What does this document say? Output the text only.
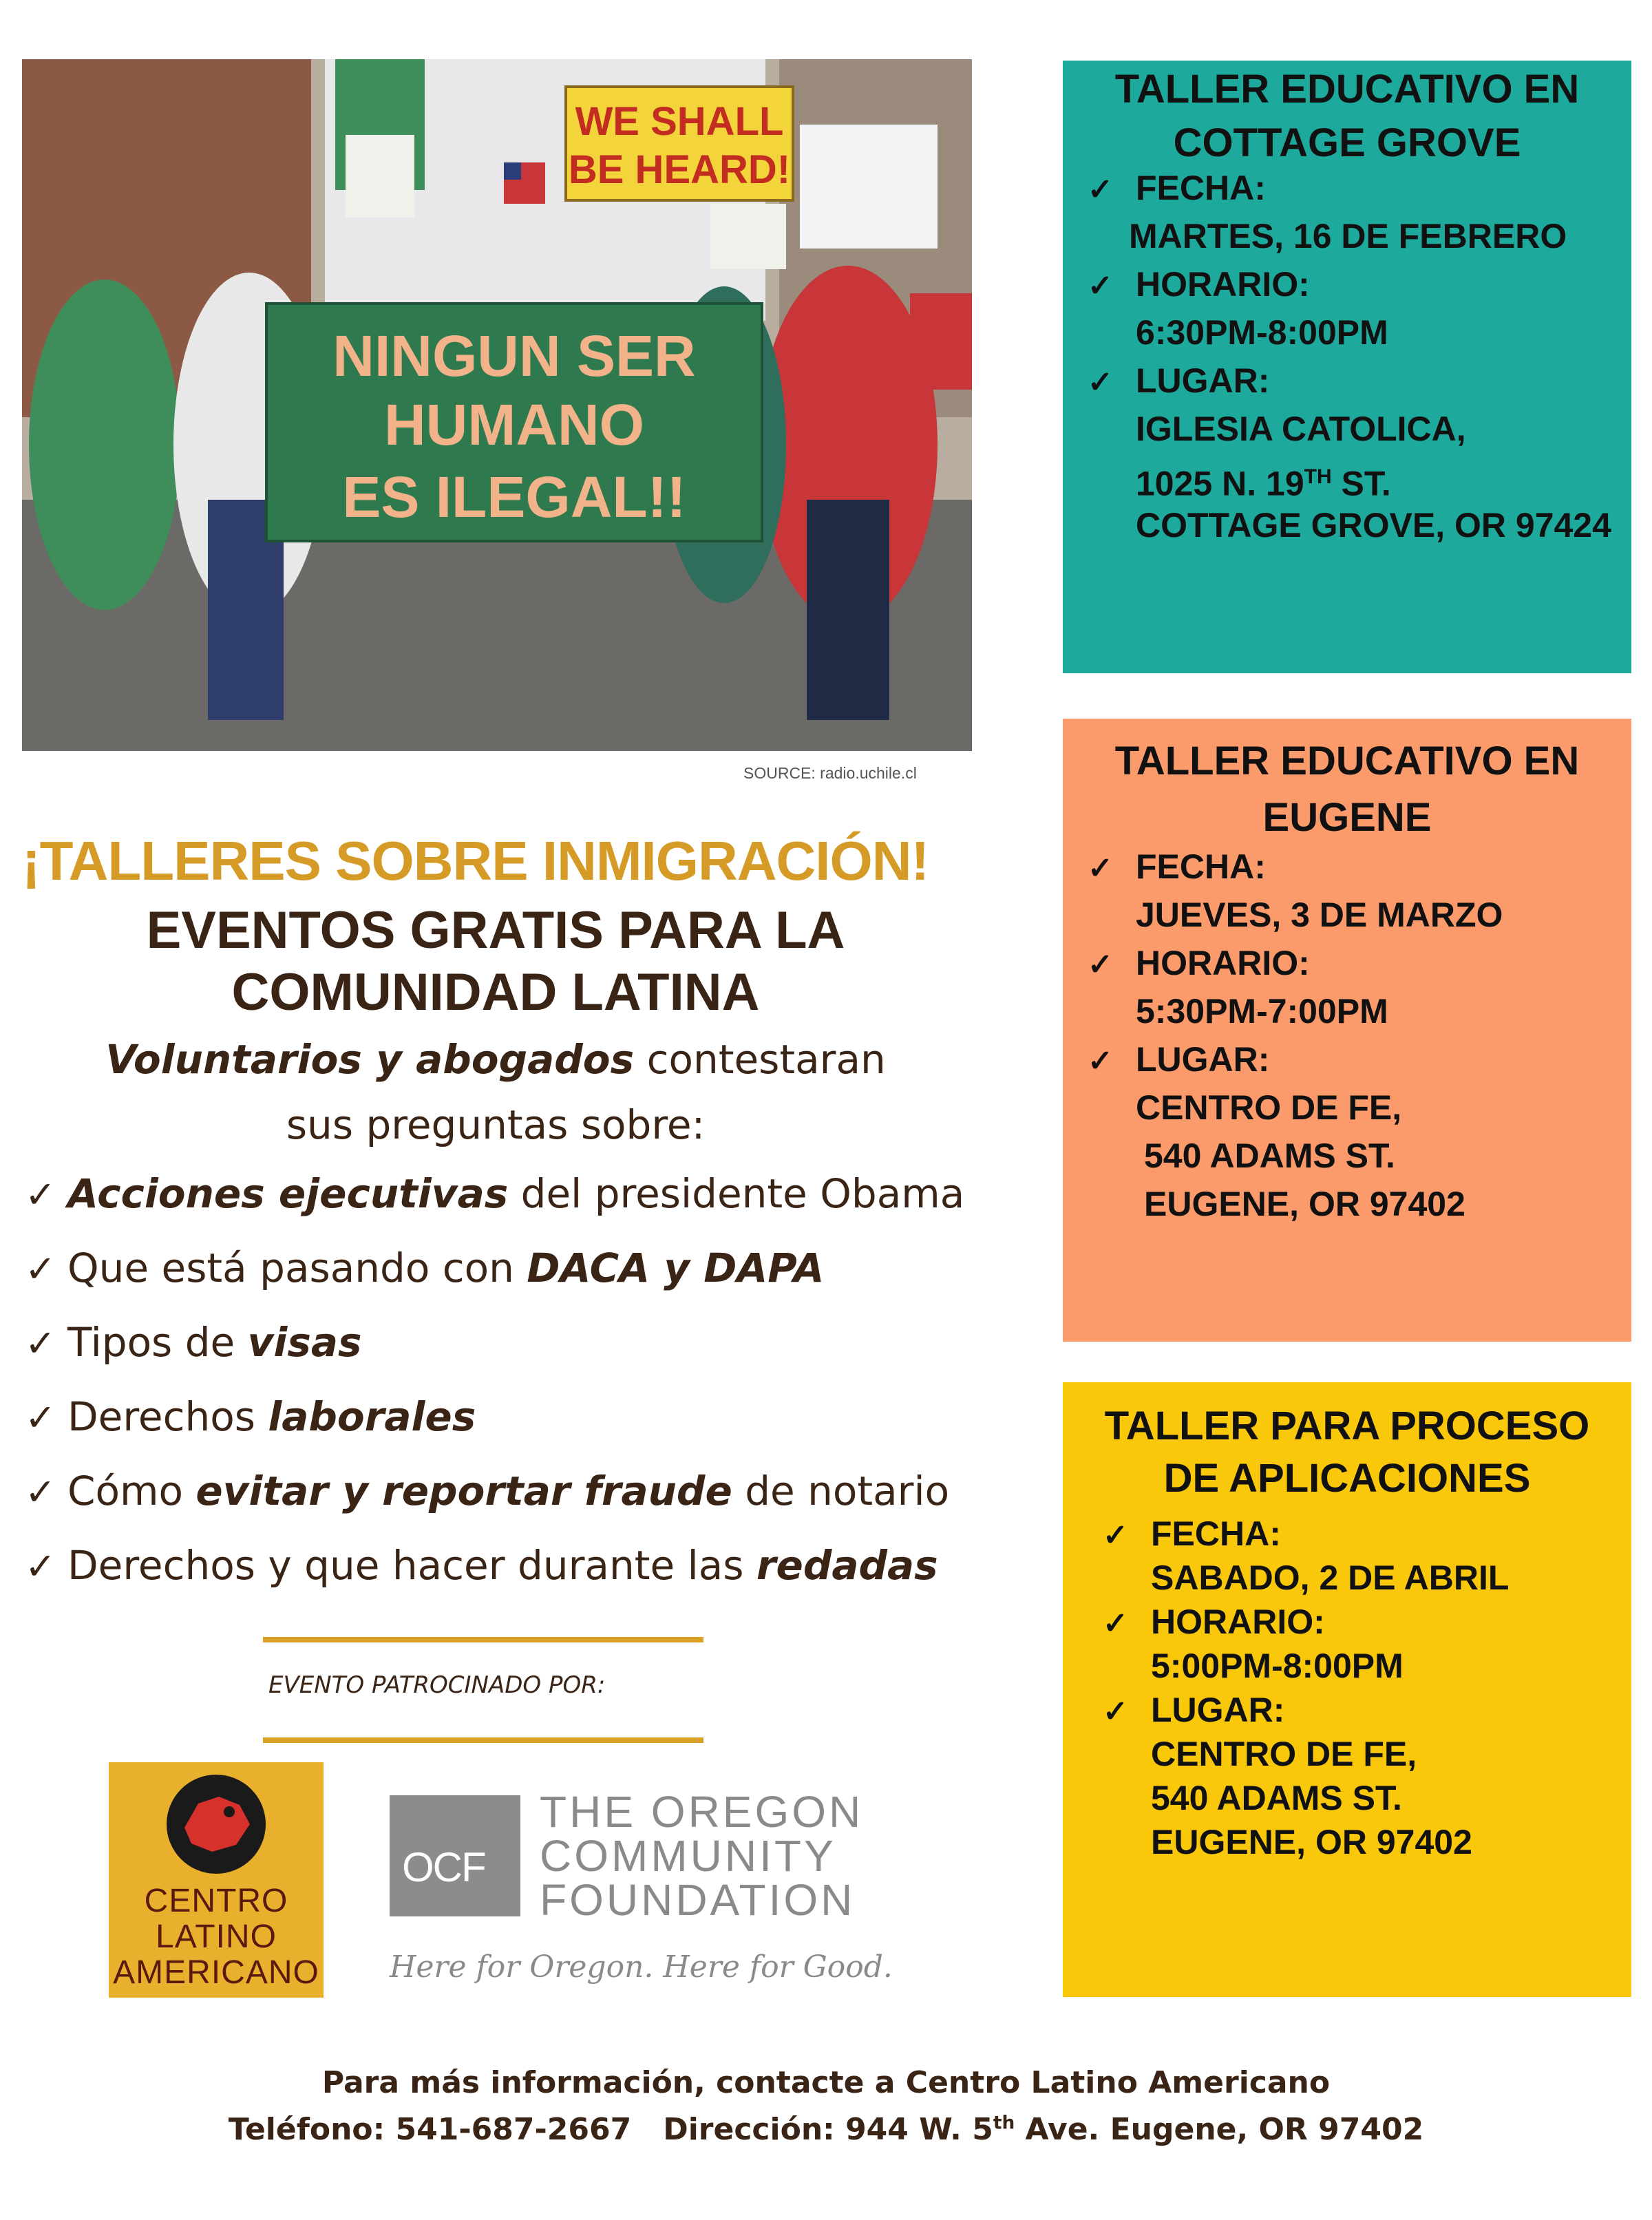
NINGUN SER
HUMANO
ES ILEGAL!!
WE SHALL
BE HEARD!
SOURCE: radio.uchile.cl
¡TALLERES SOBRE INMIGRACIÓN!
EVENTOS GRATIS PARA LA
COMUNIDAD LATINA
Voluntarios y abogados contestaran
sus preguntas sobre:
✓ Acciones ejecutivas del presidente Obama
✓ Que está pasando con DACA y DAPA
✓ Tipos de visas
✓ Derechos laborales
✓ Cómo evitar y reportar fraude de notario
✓ Derechos y que hacer durante las redadas
EVENTO PATROCINADO POR:
CENTRO
LATINO
AMERICANO
OCF
THE OREGON
COMMUNITY
FOUNDATION
Here for Oregon. Here for Good.
Para más información, contacte a Centro Latino Americano
Teléfono: 541-687-2667 Dirección: 944 W. 5th Ave. Eugene, OR 97402
TALLER EDUCATIVO EN
COTTAGE GROVE
✓ FECHA:
MARTES, 16 DE FEBRERO
✓ HORARIO:
6:30PM-8:00PM
✓ LUGAR:
IGLESIA CATOLICA,
1025 N. 19TH ST.
COTTAGE GROVE, OR 97424
TALLER EDUCATIVO EN
EUGENE
✓ FECHA:
JUEVES, 3 DE MARZO
✓ HORARIO:
5:30PM-7:00PM
✓ LUGAR:
CENTRO DE FE,
540 ADAMS ST.
EUGENE, OR 97402
TALLER PARA PROCESO
DE APLICACIONES
✓ FECHA:
SABADO, 2 DE ABRIL
✓ HORARIO:
5:00PM-8:00PM
✓ LUGAR:
CENTRO DE FE,
540 ADAMS ST.
EUGENE, OR 97402
